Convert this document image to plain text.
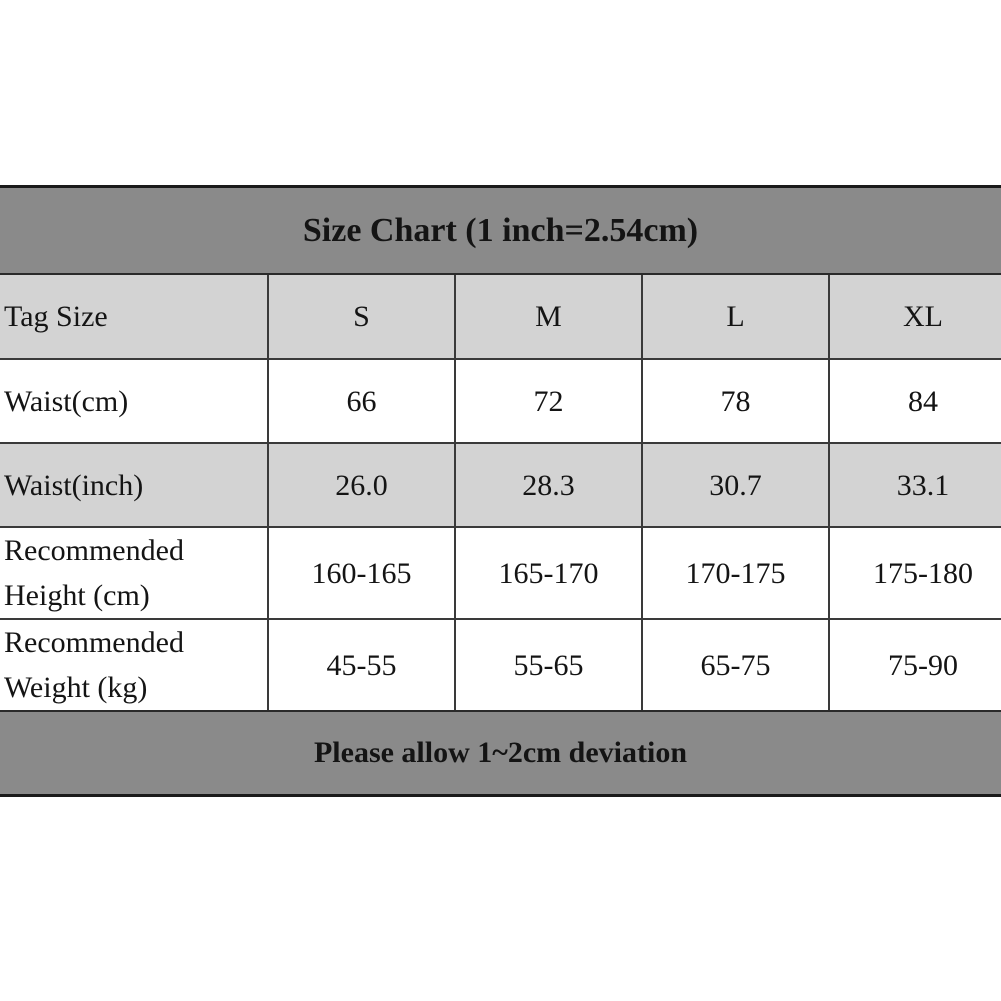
Size Chart (1 inch=2.54cm)
Tag Size	S	M	L	XL
Waist(cm)	66	72	78	84
Waist(inch)	26.0	28.3	30.7	33.1

Recommended
Height (cm)	160-165	165-170	170-175	175-180

Recommended
Weight (kg)	45-55	55-65	65-75	75-90
Please allow 1~2cm deviation
